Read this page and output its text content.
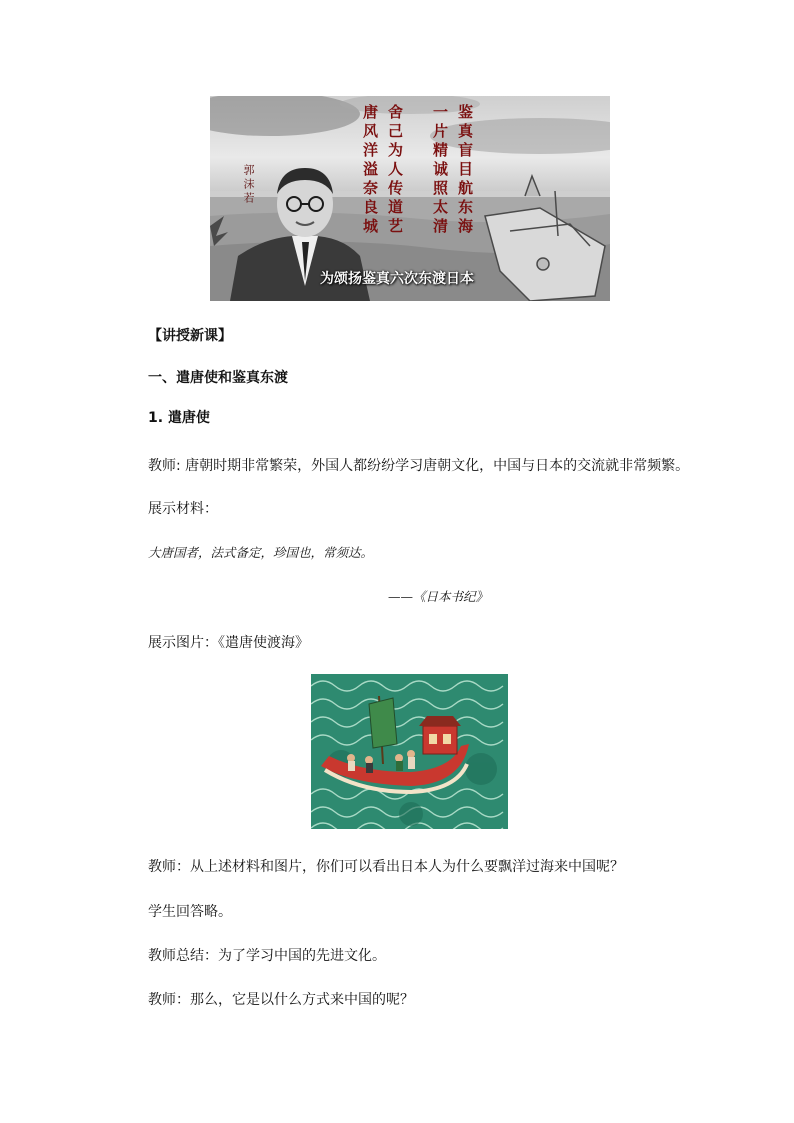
郭沫若	鉴真盲目航东海
一片精诚照太清
舍己为人传道艺
唐风洋溢奈良城
为颂扬鉴真六次东渡日本
【讲授新课】
一、遣唐使和鉴真东渡
1. 遣唐使
教师: 唐朝时期非常繁荣，外国人都纷纷学习唐朝文化，中国与日本的交流就非常频繁。
展示材料：
大唐国者，法式备定，珍国也，常须达。
——《日本书纪》
展示图片：《遣唐使渡海》
教师：从上述材料和图片，你们可以看出日本人为什么要飘洋过海来中国呢？
学生回答略。
教师总结：为了学习中国的先进文化。
教师：那么，它是以什么方式来中国的呢？
